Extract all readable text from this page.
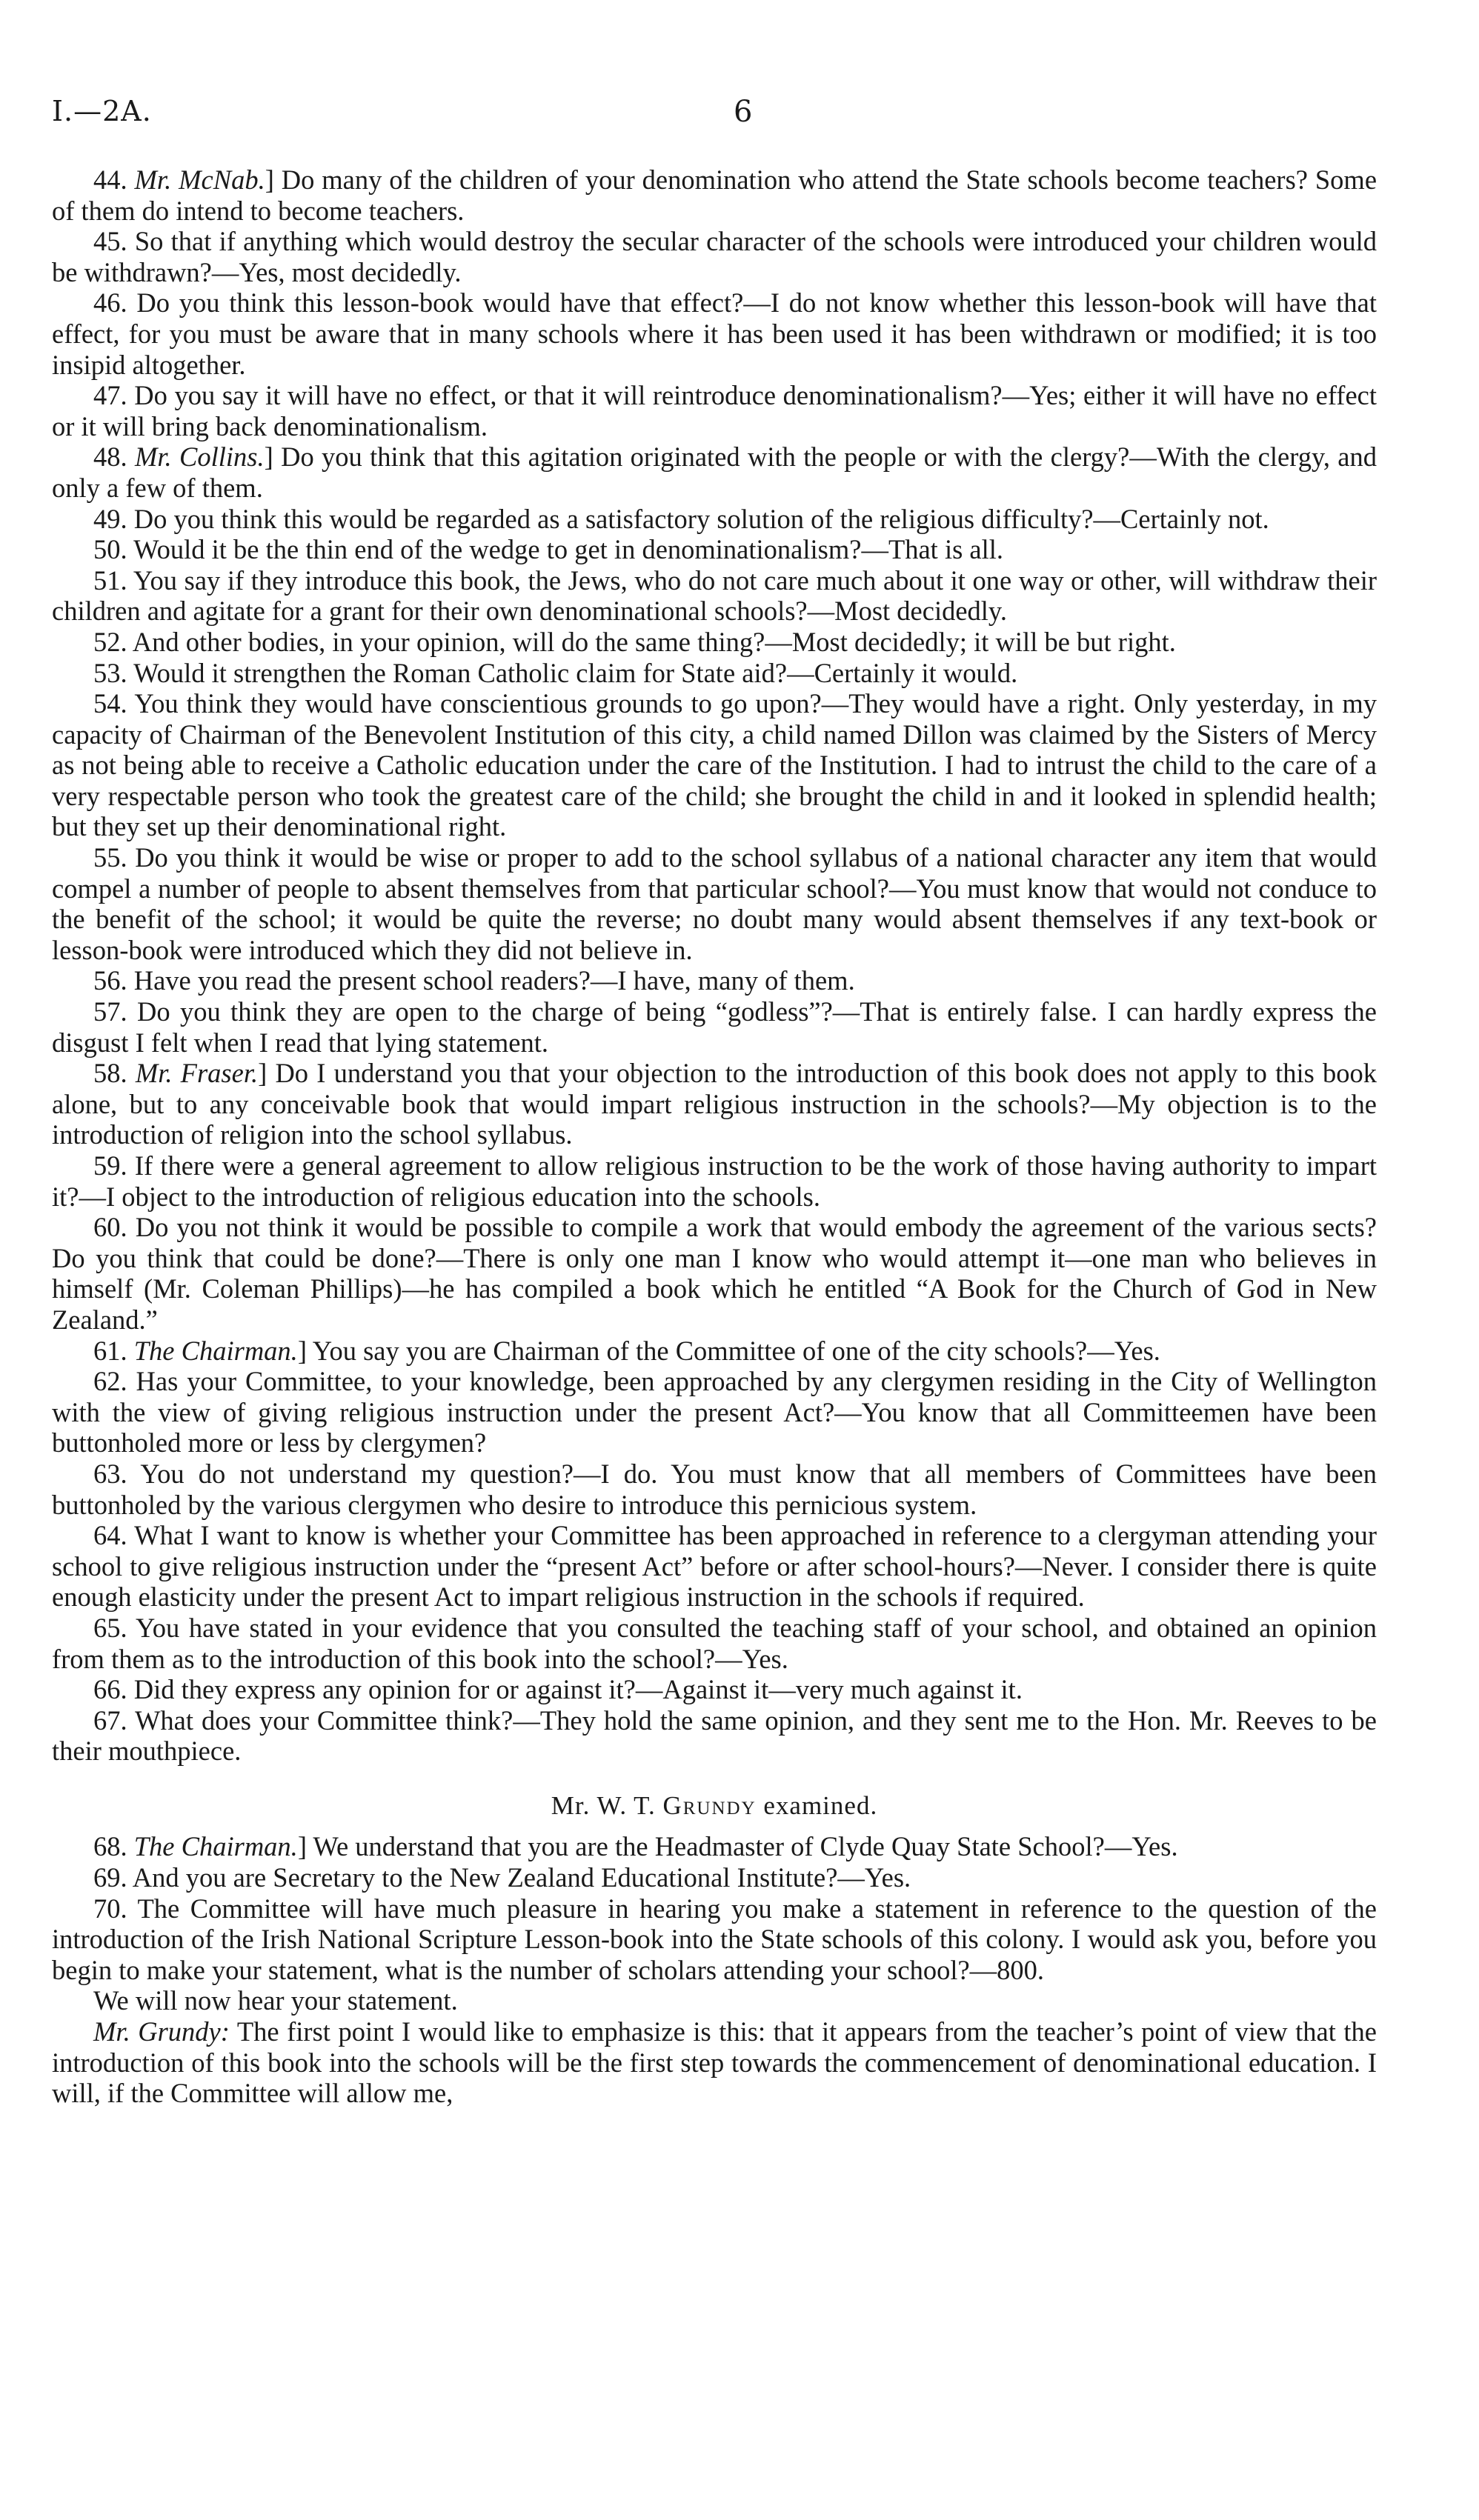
I.—2A.	6

44. Mr. McNab.] Do many of the children of your denomination who attend the State schools become teachers? Some of them do intend to become teachers.

45. So that if anything which would destroy the secular character of the schools were introduced your children would be withdrawn?—Yes, most decidedly.

46. Do you think this lesson-book would have that effect?—I do not know whether this lesson-book will have that effect, for you must be aware that in many schools where it has been used it has been withdrawn or modified; it is too insipid altogether.

47. Do you say it will have no effect, or that it will reintroduce denominationalism?—Yes; either it will have no effect or it will bring back denominationalism.

48. Mr. Collins.] Do you think that this agitation originated with the people or with the clergy?—With the clergy, and only a few of them.

49. Do you think this would be regarded as a satisfactory solution of the religious difficulty?—Certainly not.

50. Would it be the thin end of the wedge to get in denominationalism?—That is all.

51. You say if they introduce this book, the Jews, who do not care much about it one way or other, will withdraw their children and agitate for a grant for their own denominational schools?—Most decidedly.

52. And other bodies, in your opinion, will do the same thing?—Most decidedly; it will be but right.

53. Would it strengthen the Roman Catholic claim for State aid?—Certainly it would.

54. You think they would have conscientious grounds to go upon?—They would have a right. Only yesterday, in my capacity of Chairman of the Benevolent Institution of this city, a child named Dillon was claimed by the Sisters of Mercy as not being able to receive a Catholic education under the care of the Institution. I had to intrust the child to the care of a very respectable person who took the greatest care of the child; she brought the child in and it looked in splendid health; but they set up their denominational right.

55. Do you think it would be wise or proper to add to the school syllabus of a national character any item that would compel a number of people to absent themselves from that particular school?—You must know that would not conduce to the benefit of the school; it would be quite the reverse; no doubt many would absent themselves if any text-book or lesson-book were introduced which they did not believe in.

56. Have you read the present school readers?—I have, many of them.

57. Do you think they are open to the charge of being “godless”?—That is entirely false. I can hardly express the disgust I felt when I read that lying statement.

58. Mr. Fraser.] Do I understand you that your objection to the introduction of this book does not apply to this book alone, but to any conceivable book that would impart religious instruction in the schools?—My objection is to the introduction of religion into the school syllabus.

59. If there were a general agreement to allow religious instruction to be the work of those having authority to impart it?—I object to the introduction of religious education into the schools.

60. Do you not think it would be possible to compile a work that would embody the agreement of the various sects? Do you think that could be done?—There is only one man I know who would attempt it—one man who believes in himself (Mr. Coleman Phillips)—he has compiled a book which he entitled “A Book for the Church of God in New Zealand.”

61. The Chairman.] You say you are Chairman of the Committee of one of the city schools?—Yes.

62. Has your Committee, to your knowledge, been approached by any clergymen residing in the City of Wellington with the view of giving religious instruction under the present Act?—You know that all Committeemen have been buttonholed more or less by clergymen?

63. You do not understand my question?—I do. You must know that all members of Committees have been buttonholed by the various clergymen who desire to introduce this pernicious system.

64. What I want to know is whether your Committee has been approached in reference to a clergyman attending your school to give religious instruction under the “present Act” before or after school-hours?—Never. I consider there is quite enough elasticity under the present Act to impart religious instruction in the schools if required.

65. You have stated in your evidence that you consulted the teaching staff of your school, and obtained an opinion from them as to the introduction of this book into the school?—Yes.

66. Did they express any opinion for or against it?—Against it—very much against it.

67. What does your Committee think?—They hold the same opinion, and they sent me to the Hon. Mr. Reeves to be their mouthpiece.

Mr. W. T. Grundy examined.

68. The Chairman.] We understand that you are the Headmaster of Clyde Quay State School?—Yes.

69. And you are Secretary to the New Zealand Educational Institute?—Yes.

70. The Committee will have much pleasure in hearing you make a statement in reference to the question of the introduction of the Irish National Scripture Lesson-book into the State schools of this colony. I would ask you, before you begin to make your statement, what is the number of scholars attending your school?—800.

We will now hear your statement.

Mr. Grundy: The first point I would like to emphasize is this: that it appears from the teacher’s point of view that the introduction of this book into the schools will be the first step towards the commencement of denominational education. I will, if the Committee will allow me,
